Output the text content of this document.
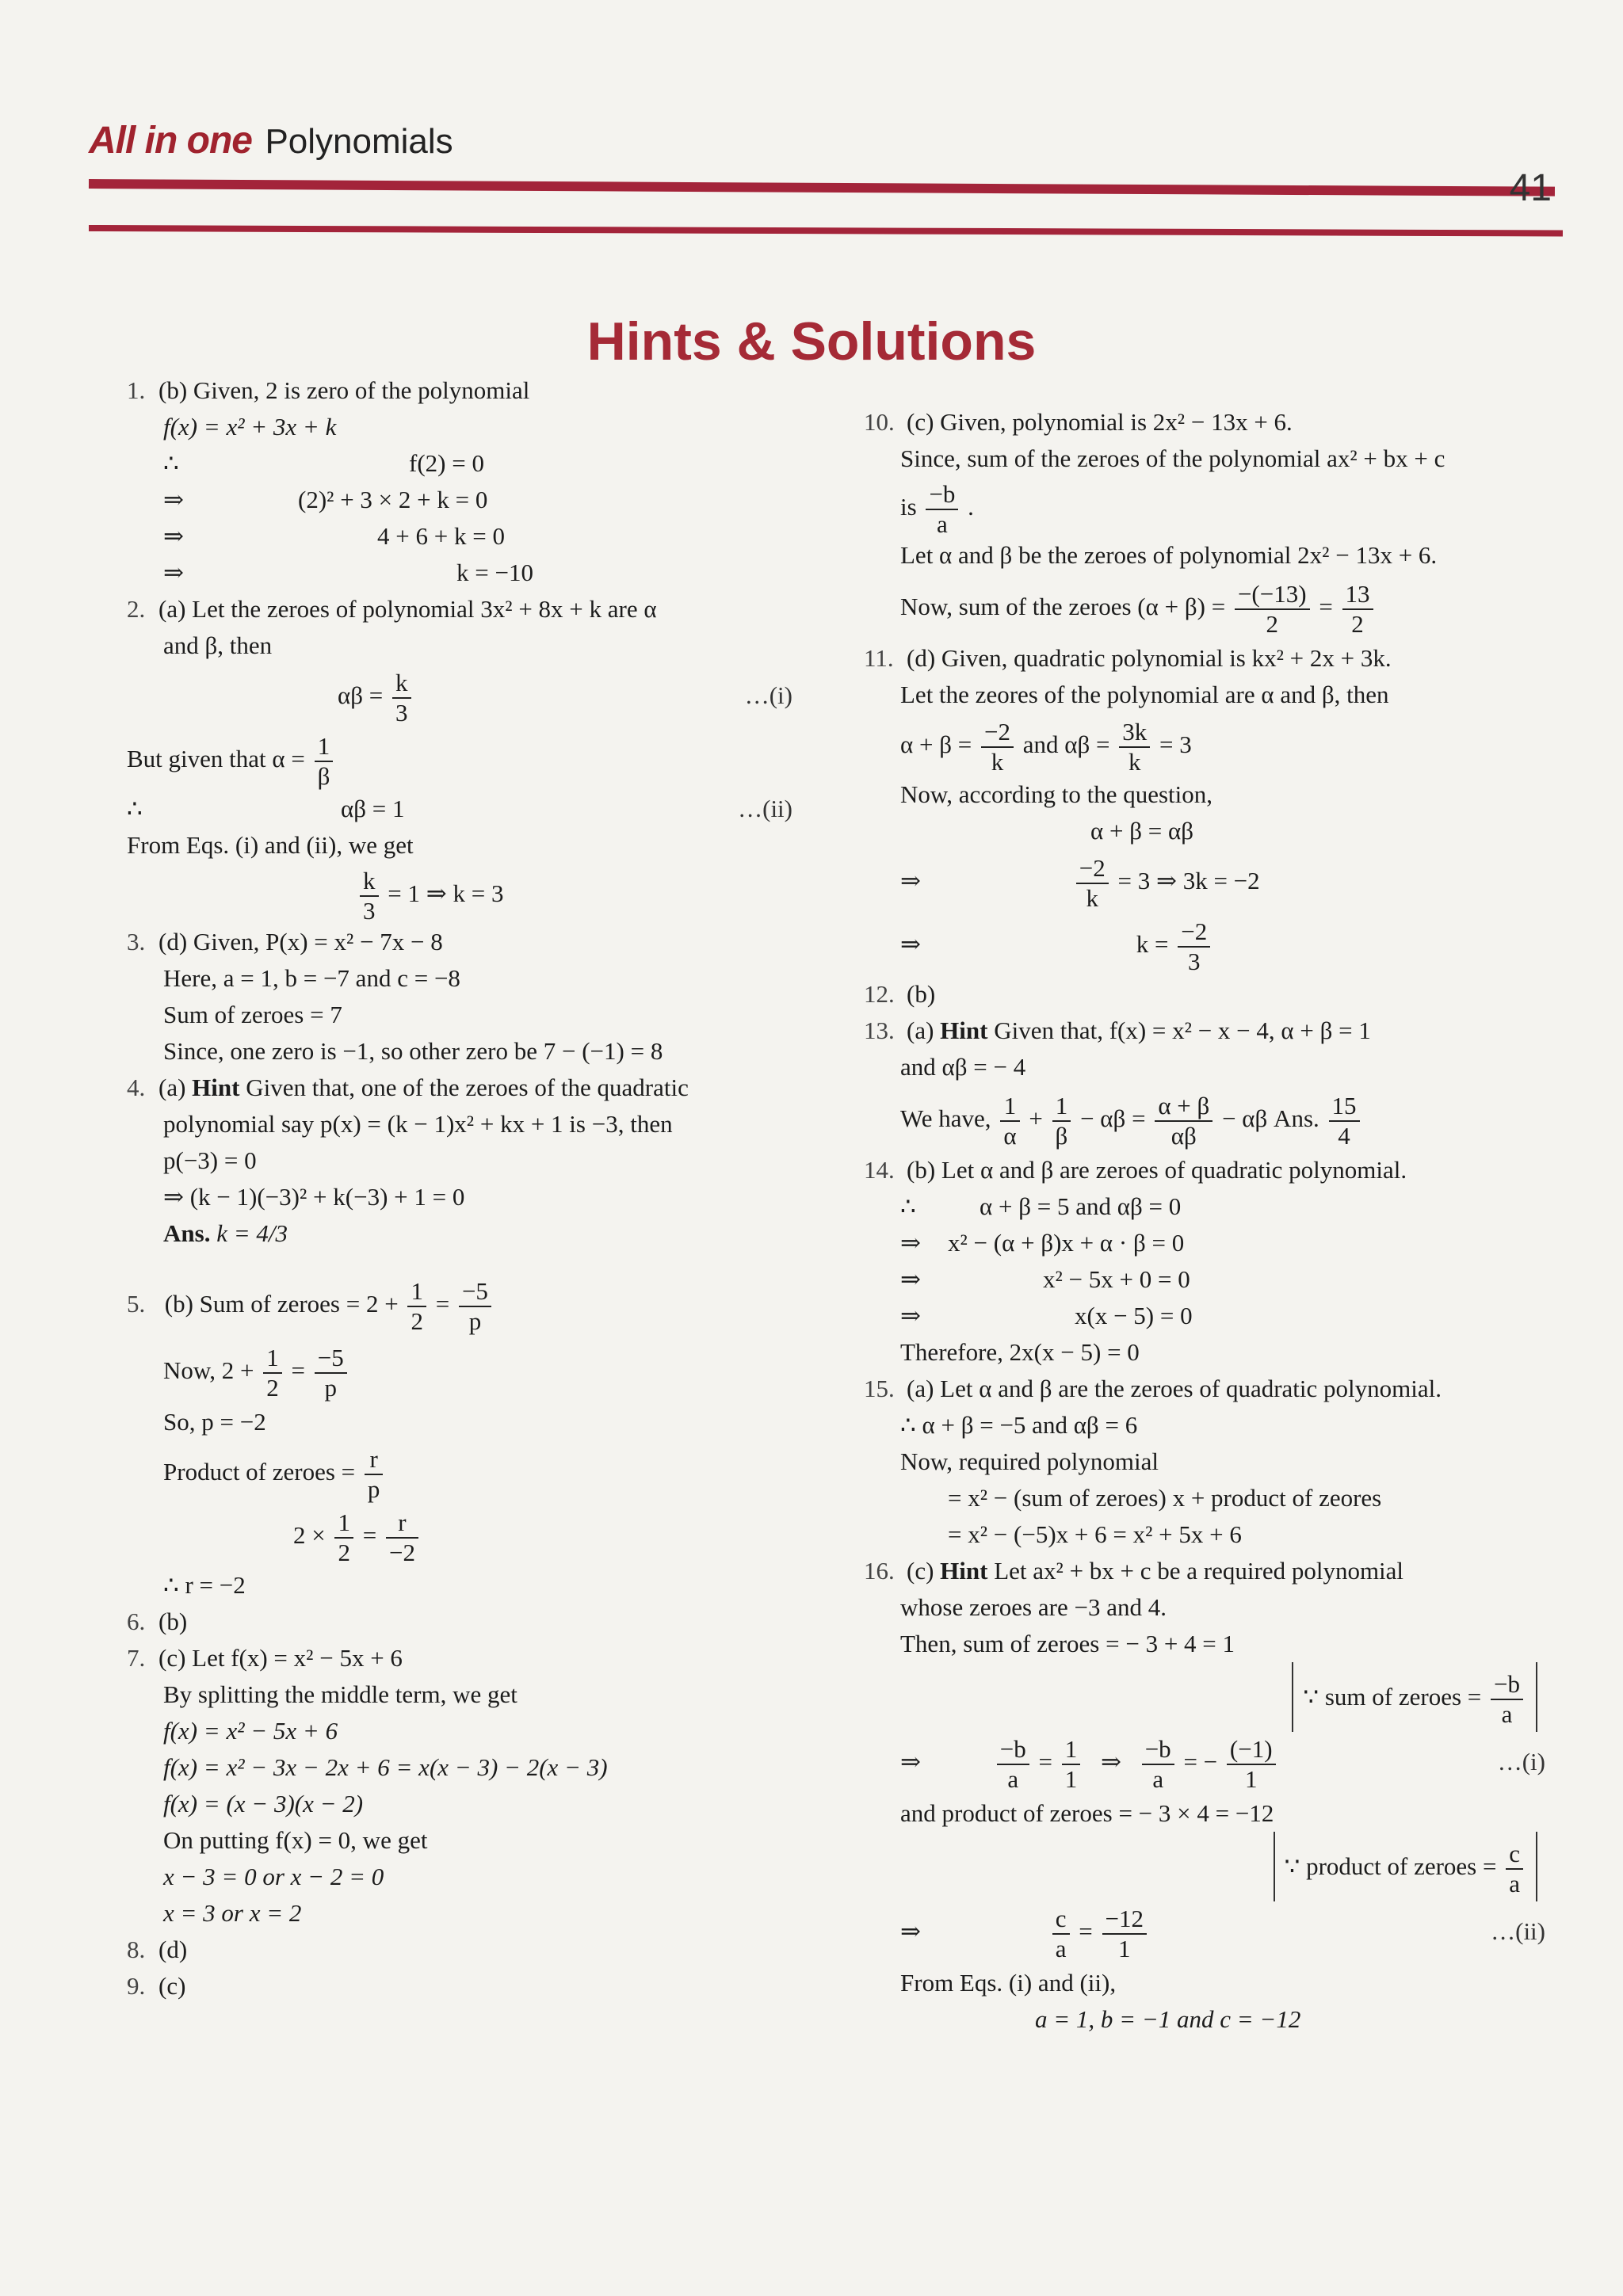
All in one Polynomials
41
Hints & Solutions
1. (b) Given, 2 is zero of the polynomial
f(x) = x² + 3x + k
∴	f(2) = 0
⇒	(2)² + 3 × 2 + k = 0
⇒	4 + 6 + k = 0
⇒	k = −10
2. (a) Let the zeroes of polynomial 3x² + 8x + k are α
and β, then
$\alpha\beta = \frac{k}{3}$	…(i)
But given that $\alpha = \frac{1}{\beta}$
∴	αβ = 1	…(ii)
From Eqs. (i) and (ii), we get
$\frac{k}{3} = 1$ ⇒ k = 3
3. (d) Given, P(x) = x² − 7x − 8
Here, a = 1, b = −7 and c = −8
Sum of zeroes = 7
Since, one zero is −1, so other zero be 7 − (−1) = 8
4. (a) Hint Given that, one of the zeroes of the quadratic
polynomial say p(x) = (k − 1)x² + kx + 1 is −3, then
p(−3) = 0
⇒ (k − 1)(−3)² + k(−3) + 1 = 0
Ans. k = 4/3
5. (b) Sum of zeroes = $2 + \frac{1}{2} = \frac{-5}{p}$
Now, $2 + \frac{1}{2} = \frac{-5}{p}$
So, p = −2
Product of zeroes = $\frac{r}{p}$
$2 \times \frac{1}{2} = \frac{r}{-2}$
∴ r = −2
6. (b)
7. (c) Let f(x) = x² − 5x + 6
By splitting the middle term, we get
f(x) = x² − 5x + 6
f(x) = x² − 3x − 2x + 6 = x(x − 3) − 2(x − 3)
f(x) = (x − 3)(x − 2)
On putting f(x) = 0, we get
x − 3 = 0 or x − 2 = 0
x = 3 or x = 2
8. (d)
9. (c)
10. (c) Given, polynomial is 2x² − 13x + 6.
Since, sum of the zeroes of the polynomial ax² + bx + c
is $\frac{-b}{a}$ .
Let α and β be the zeroes of polynomial 2x² − 13x + 6.
Now, sum of the zeroes $(\alpha + \beta) = \frac{-(-13)}{2} = \frac{13}{2}$
11. (d) Given, quadratic polynomial is kx² + 2x + 3k.
Let the zeores of the polynomial are α and β, then
$\alpha + \beta = \frac{-2}{k}$ and $\alpha\beta = \frac{3k}{k} = 3$
Now, according to the question,
α + β = αβ
⇒	$\frac{-2}{k} = 3$ ⇒ 3k = −2
⇒	$k = \frac{-2}{3}$
12. (b)
13. (a) Hint Given that, f(x) = x² − x − 4, α + β = 1
and αβ = − 4
We have, $\frac{1}{\alpha} + \frac{1}{\beta} - \alpha\beta = \frac{\alpha + \beta}{\alpha\beta} - \alpha\beta$ Ans. $\frac{15}{4}$
14. (b) Let α and β are zeroes of quadratic polynomial.
∴	α + β = 5 and αβ = 0
⇒ x² − (α + β)x + α · β = 0
⇒	x² − 5x + 0 = 0
⇒	x(x − 5) = 0
Therefore, 2x(x − 5) = 0
15. (a) Let α and β are the zeroes of quadratic polynomial.
∴ α + β = −5 and αβ = 6
Now, required polynomial
= x² − (sum of zeroes) x + product of zeores
= x² − (−5)x + 6 = x² + 5x + 6
16. (c) Hint Let ax² + bx + c be a required polynomial
whose zeroes are −3 and 4.
Then, sum of zeroes = − 3 + 4 = 1
∵ sum of zeroes = $\frac{-b}{a}$
⇒	$\frac{-b}{a} = \frac{1}{1}$ ⇒ $\frac{-b}{a}$ = − $\frac{(-1)}{1}$	…(i)
and product of zeroes = − 3 × 4 = −12
∵ product of zeroes = $\frac{c}{a}$
⇒	$\frac{c}{a} = \frac{-12}{1}$	…(ii)
From Eqs. (i) and (ii),
a = 1, b = −1 and c = −12
